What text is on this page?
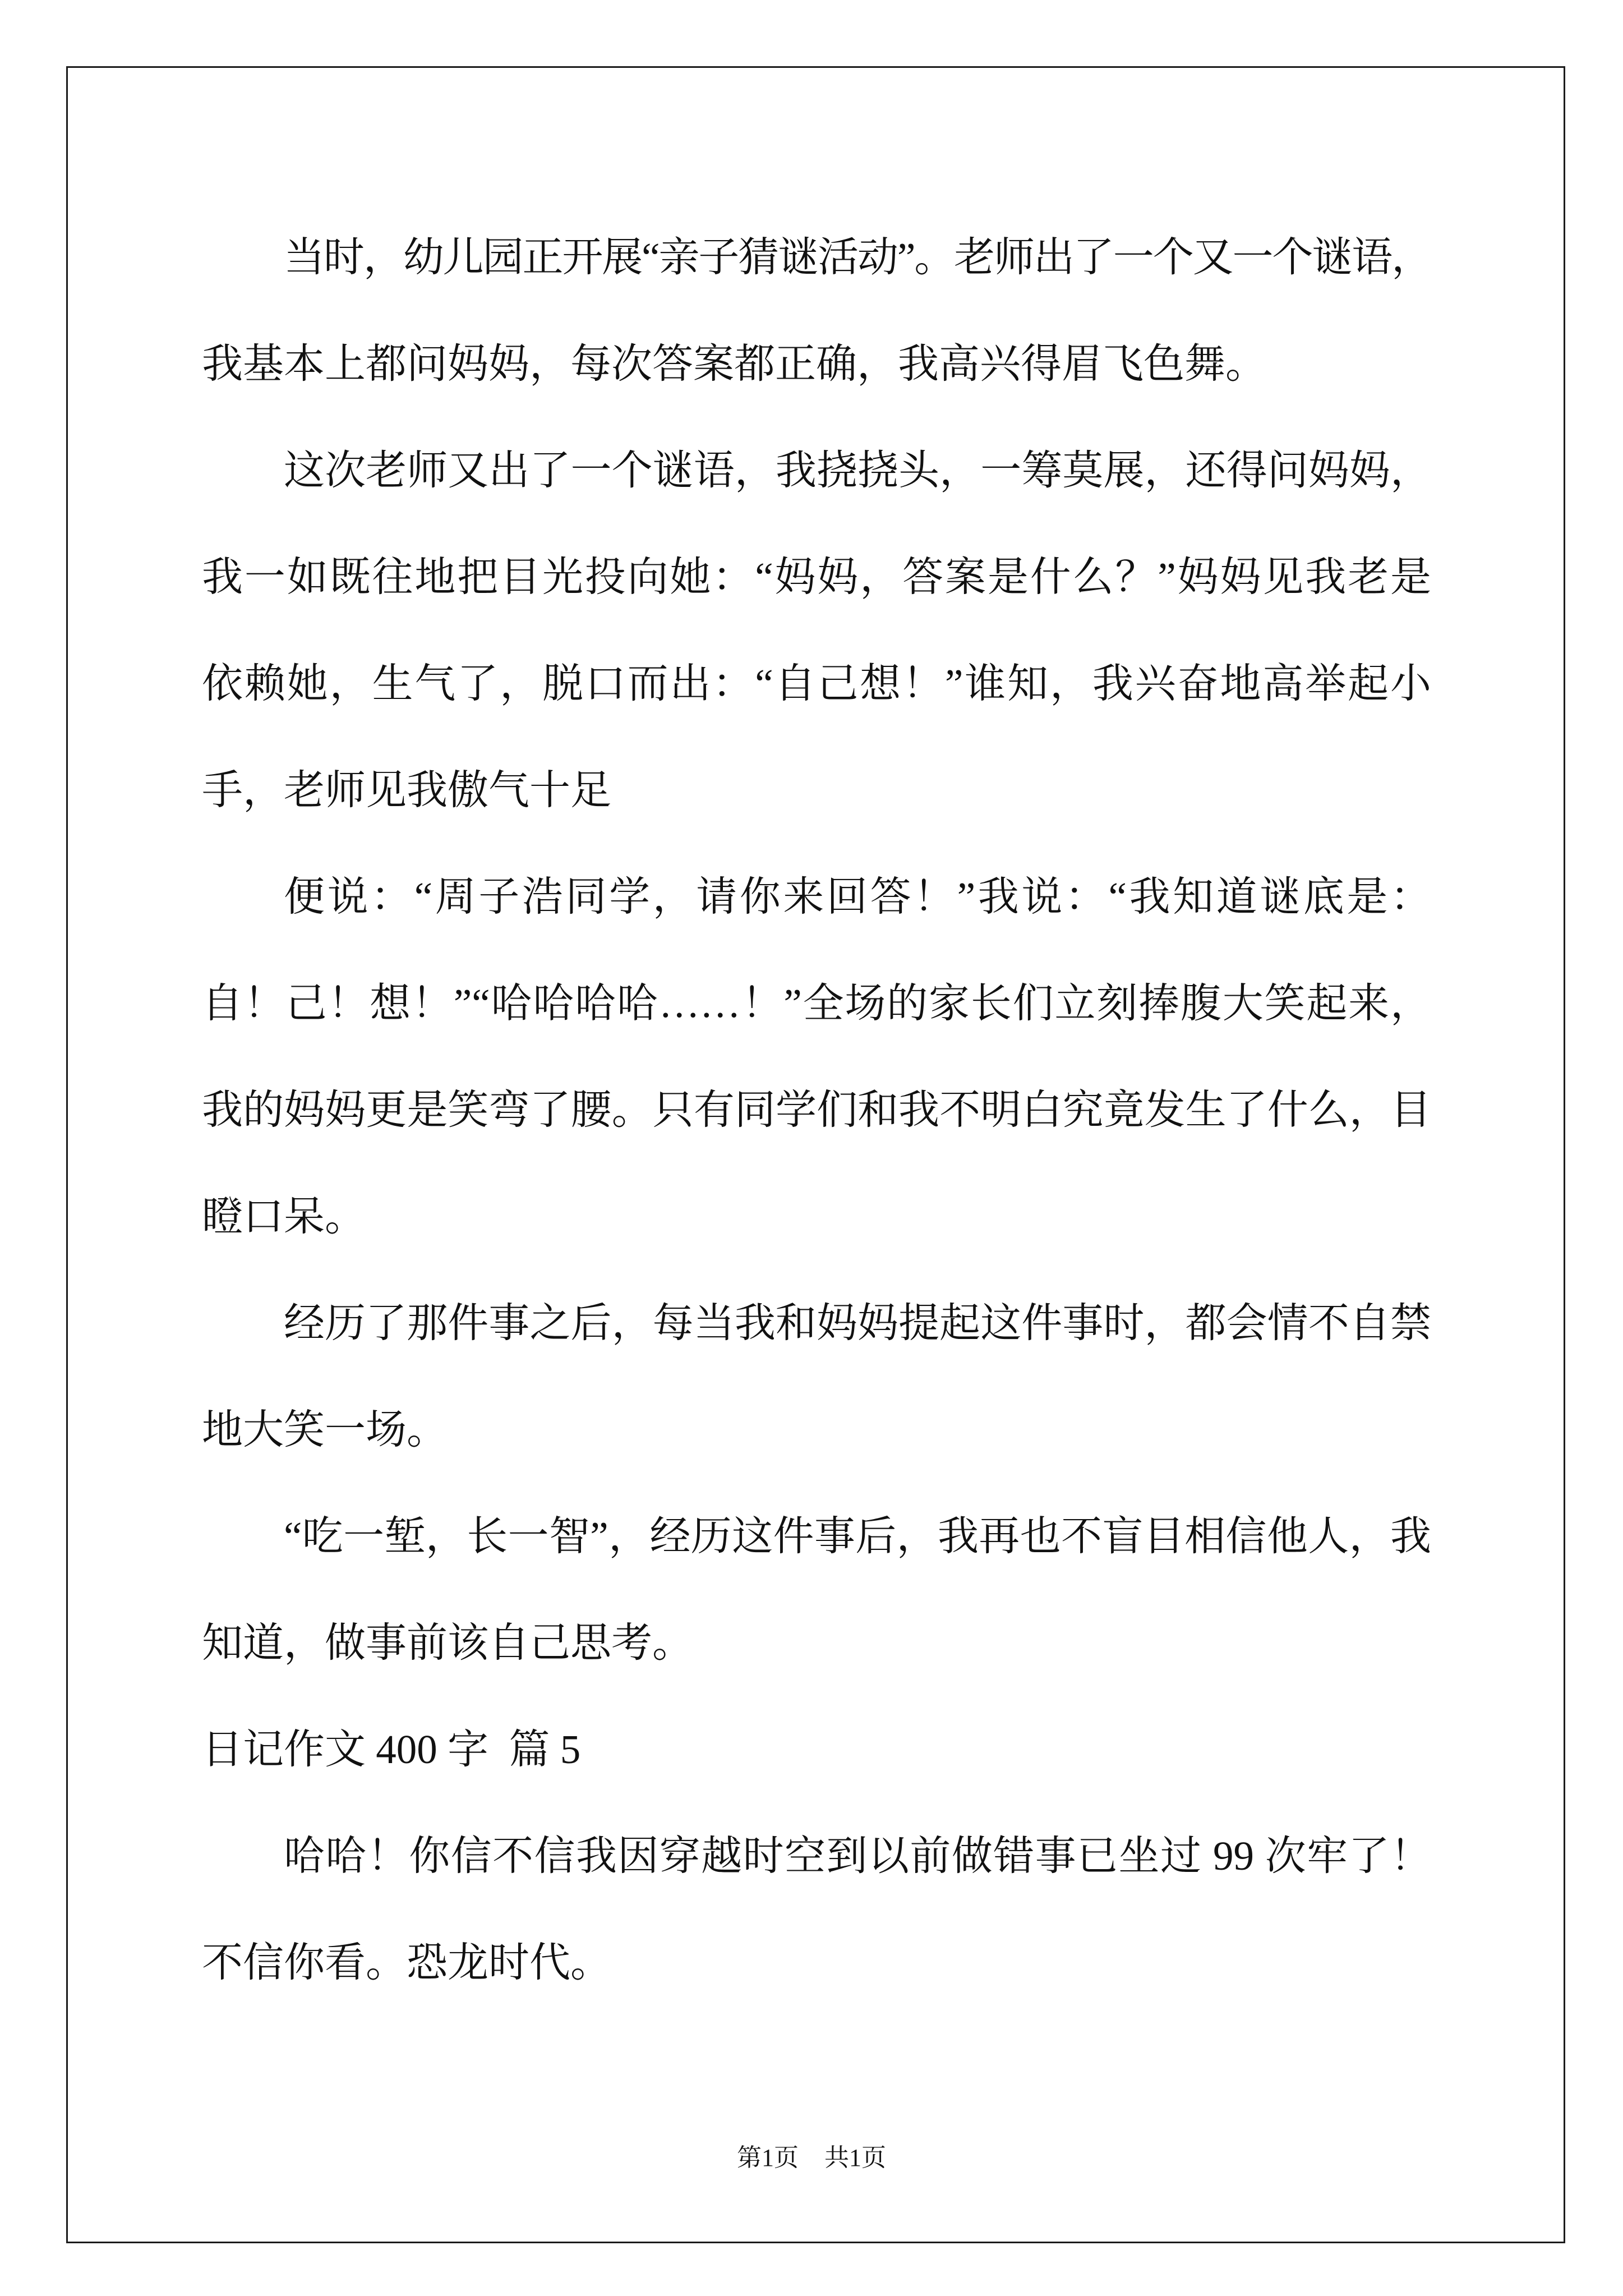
当时，幼儿园正开展“亲子猜谜活动”。老师出了一个又一个谜语，
我基本上都问妈妈，每次答案都正确，我高兴得眉飞色舞。
这次老师又出了一个谜语，我挠挠头，一筹莫展，还得问妈妈，
我一如既往地把目光投向她：“妈妈，答案是什么？”妈妈见我老是
依赖她，生气了，脱口而出：“自己想！”谁知，我兴奋地高举起小
手，老师见我傲气十足
便说：“周子浩同学，请你来回答！”我说：“我知道谜底是：
自！己！想！”“哈哈哈哈……！”全场的家长们立刻捧腹大笑起来，
我的妈妈更是笑弯了腰。只有同学们和我不明白究竟发生了什么，目
瞪口呆。
经历了那件事之后，每当我和妈妈提起这件事时，都会情不自禁
地大笑一场。
“吃一堑，长一智”，经历这件事后，我再也不盲目相信他人，我
知道，做事前该自己思考。
日记作文 400 字  篇 5
哈哈！你信不信我因穿越时空到以前做错事已坐过 99 次牢了！
不信你看。恐龙时代。
第1页 共1页
